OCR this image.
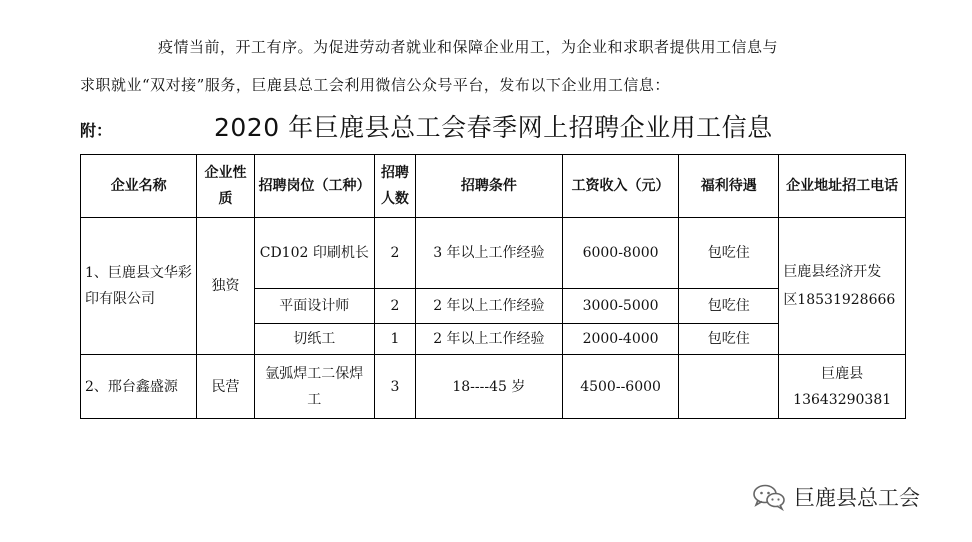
疫情当前，开工有序。为促进劳动者就业和保障企业用工，为企业和求职者提供用工信息与
求职就业“双对接”服务，巨鹿县总工会利用微信公众号平台，发布以下企业用工信息：
附：	2020 年巨鹿县总工会春季网上招聘企业用工信息
企业名称	企业性质	招聘岗位（工种）	招聘人数	招聘条件	工资收入（元）	福利待遇	企业地址招工电话
1、巨鹿县文华彩印有限公司	独资	CD102 印刷机长	2	3 年以上工作经验	6000-8000	包吃住	巨鹿县经济开发　　区18531928666
		平面设计师	2	2 年以上工作经验	3000-5000	包吃住	
		切纸工	1	2 年以上工作经验	2000-4000	包吃住	
2、邢台鑫盛源	民营	氩弧焊工二保焊工	3	18----45 岁	4500--6000		巨鹿县13643290381
巨鹿县总工会
